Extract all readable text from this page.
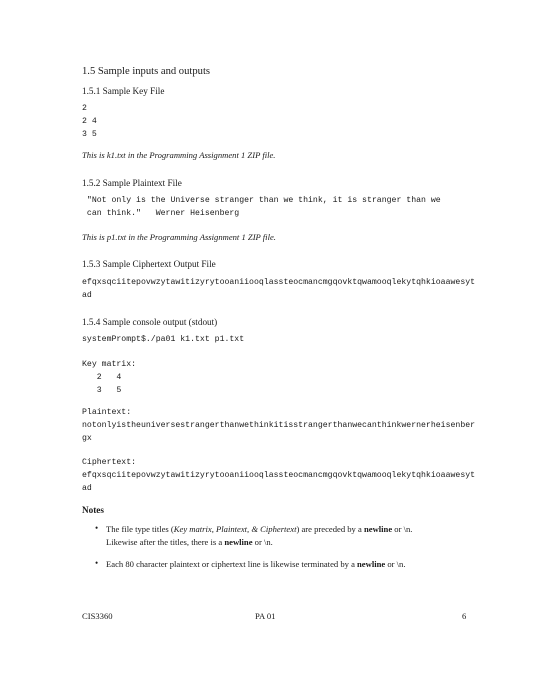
1.5 Sample inputs and outputs
1.5.1 Sample Key File
2
2 4
3 5
This is k1.txt in the Programming Assignment 1 ZIP file.
1.5.2 Sample Plaintext File
"Not only is the Universe stranger than we think, it is stranger than we
can think."   Werner Heisenberg
This is p1.txt in the Programming Assignment 1 ZIP file.
1.5.3 Sample Ciphertext Output File
efqxsqciitepovwzytawitizyrytooaniiooqlassteocmancmgqovktqwamooqlekytqhkioaawesyt
ad
1.5.4 Sample console output (stdout)
systemPrompt$./pa01 k1.txt p1.txt
Key matrix:
2   4
3   5
Plaintext:
notonlyistheuniversestrangerthanwethinkitisstrangerthanwecanthinkwernerheisenber
gx
Ciphertext:
efqxsqciitepovwzytawitizyrytooaniiooqlassteocmancmgqovktqwamooqlekytqhkioaawesyt
ad
Notes
• The file type titles (Key matrix, Plaintext, & Ciphertext) are preceded by a newline or \n.
Likewise after the titles, there is a newline or \n.
• Each 80 character plaintext or ciphertext line is likewise terminated by a newline or \n.
CIS3360	PA 01	6
